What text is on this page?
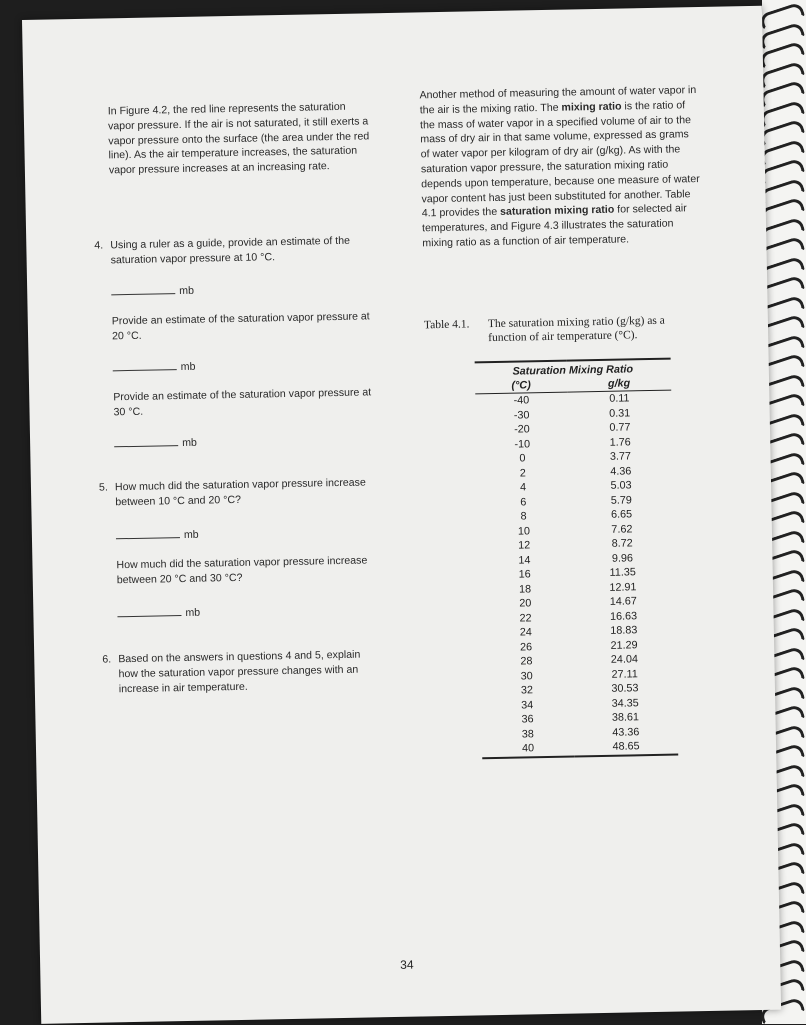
In Figure 4.2, the red line represents the saturation vapor pressure. If the air is not saturated, it still exerts a vapor pressure onto the surface (the area under the red line). As the air temperature increases, the saturation vapor pressure increases at an increasing rate.

4. Using a ruler as a guide, provide an estimate of the saturation vapor pressure at 10 °C.

mb

Provide an estimate of the saturation vapor pressure at 20 °C.

mb

Provide an estimate of the saturation vapor pressure at 30 °C.

mb
5. How much did the saturation vapor pressure increase between 10 °C and 20 °C?

mb

How much did the saturation vapor pressure increase between 20 °C and 30 °C?

mb
6. Based on the answers in questions 4 and 5, explain how the saturation vapor pressure changes with an increase in air temperature.

Another method of measuring the amount of water vapor in the air is the mixing ratio. The mixing ratio is the ratio of the mass of water vapor in a specified volume of air to the mass of dry air in that same volume, expressed as grams of water vapor per kilogram of dry air (g/kg). As with the saturation vapor pressure, the saturation mixing ratio depends upon temperature, because one measure of water vapor content has just been substituted for another. Table 4.1 provides the saturation mixing ratio for selected air temperatures, and Figure 4.3 illustrates the saturation mixing ratio as a function of air temperature.

Table 4.1. The saturation mixing ratio (g/kg) as a function of air temperature (°C).
Saturation Mixing Ratio	
(°C)	g/kg
-40	0.11
-30	0.31
-20	0.77
-10	1.76
0	3.77
2	4.36
4	5.03
6	5.79
8	6.65
10	7.62
12	8.72
14	9.96
16	11.35
18	12.91
20	14.67
22	16.63
24	18.83
26	21.29
28	24.04
30	27.11
32	30.53
34	34.35
36	38.61
38	43.36
40	48.65
34
